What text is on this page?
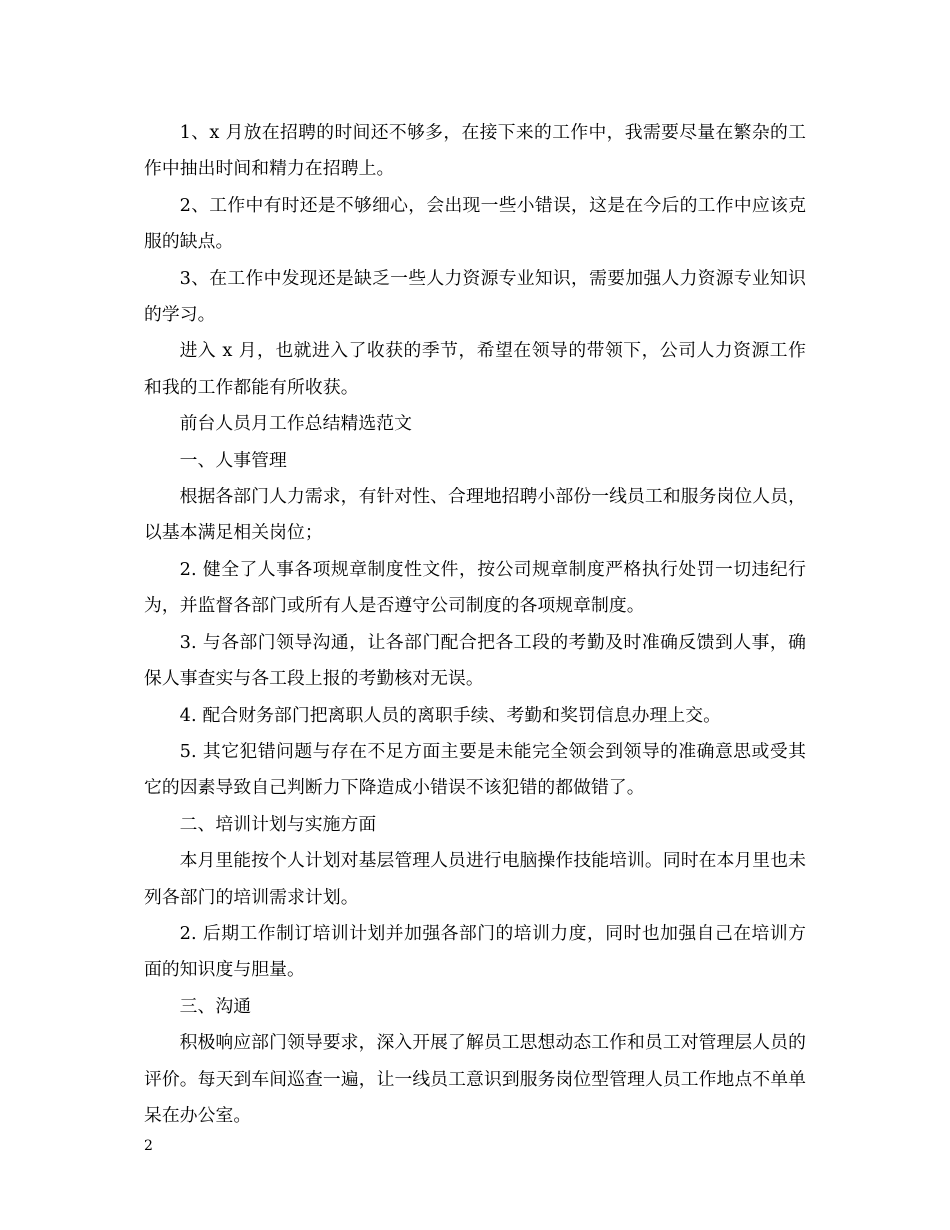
1、x 月放在招聘的时间还不够多，在接下来的工作中，我需要尽量在繁杂的工作中抽出时间和精力在招聘上。

2、工作中有时还是不够细心，会出现一些小错误，这是在今后的工作中应该克服的缺点。

3、在工作中发现还是缺乏一些人力资源专业知识，需要加强人力资源专业知识的学习。

进入 x 月，也就进入了收获的季节，希望在领导的带领下，公司人力资源工作和我的工作都能有所收获。

前台人员月工作总结精选范文

一、人事管理

根据各部门人力需求，有针对性、合理地招聘小部份一线员工和服务岗位人员，以基本满足相关岗位；

2. 健全了人事各项规章制度性文件，按公司规章制度严格执行处罚一切违纪行为，并监督各部门或所有人是否遵守公司制度的各项规章制度。

3. 与各部门领导沟通，让各部门配合把各工段的考勤及时准确反馈到人事，确保人事查实与各工段上报的考勤核对无误。

4. 配合财务部门把离职人员的离职手续、考勤和奖罚信息办理上交。

5. 其它犯错问题与存在不足方面主要是未能完全领会到领导的准确意思或受其它的因素导致自己判断力下降造成小错误不该犯错的都做错了。

二、培训计划与实施方面

本月里能按个人计划对基层管理人员进行电脑操作技能培训。同时在本月里也未列各部门的培训需求计划。

2. 后期工作制订培训计划并加强各部门的培训力度，同时也加强自己在培训方面的知识度与胆量。

三、沟通

积极响应部门领导要求，深入开展了解员工思想动态工作和员工对管理层人员的评价。每天到车间巡查一遍，让一线员工意识到服务岗位型管理人员工作地点不单单呆在办公室。

2
